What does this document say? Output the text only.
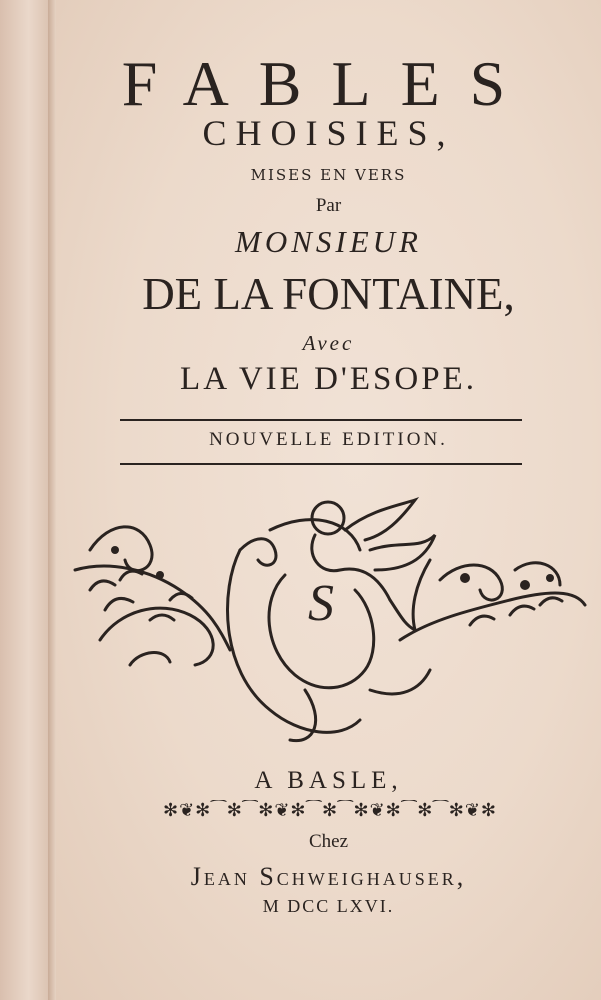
FABLES

CHOISIES,

MISES EN VERS

Par

MONSIEUR

DE LA FONTAINE,

Avec

LA VIE D'ESOPE.

NOUVELLE EDITION.

S

A BASLE,

✻❦✻⁀✻⁀✻❦✻⁀✻⁀✻❦✻⁀✻⁀✻❦✻

Chez

Jean Schweighauser,

M DCC LXVI.
